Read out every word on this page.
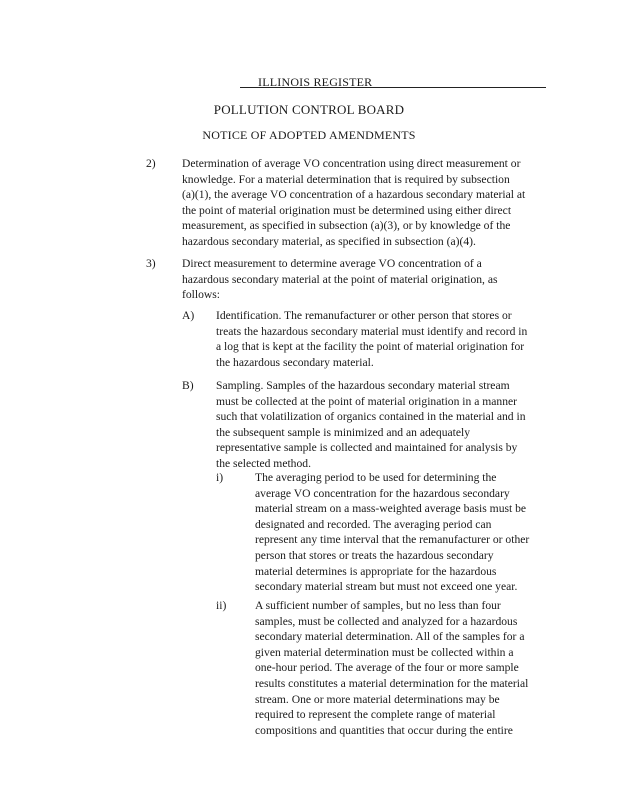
ILLINOIS REGISTER
POLLUTION CONTROL BOARD
NOTICE OF ADOPTED AMENDMENTS
2) Determination of average VO concentration using direct measurement or
knowledge. For a material determination that is required by subsection
(a)(1), the average VO concentration of a hazardous secondary material at
the point of material origination must be determined using either direct
measurement, as specified in subsection (a)(3), or by knowledge of the
hazardous secondary material, as specified in subsection (a)(4).
3) Direct measurement to determine average VO concentration of a
hazardous secondary material at the point of material origination, as
follows:
A) Identification. The remanufacturer or other person that stores or
treats the hazardous secondary material must identify and record in
a log that is kept at the facility the point of material origination for
the hazardous secondary material.
B) Sampling. Samples of the hazardous secondary material stream
must be collected at the point of material origination in a manner
such that volatilization of organics contained in the material and in
the subsequent sample is minimized and an adequately
representative sample is collected and maintained for analysis by
the selected method.
i)	The averaging period to be used for determining the
average VO concentration for the hazardous secondary
material stream on a mass-weighted average basis must be
designated and recorded. The averaging period can
represent any time interval that the remanufacturer or other
person that stores or treats the hazardous secondary
material determines is appropriate for the hazardous
secondary material stream but must not exceed one year.
ii) A sufficient number of samples, but no less than four
samples, must be collected and analyzed for a hazardous
secondary material determination. All of the samples for a
given material determination must be collected within a
one-hour period. The average of the four or more sample
results constitutes a material determination for the material
stream. One or more material determinations may be
required to represent the complete range of material
compositions and quantities that occur during the entire
